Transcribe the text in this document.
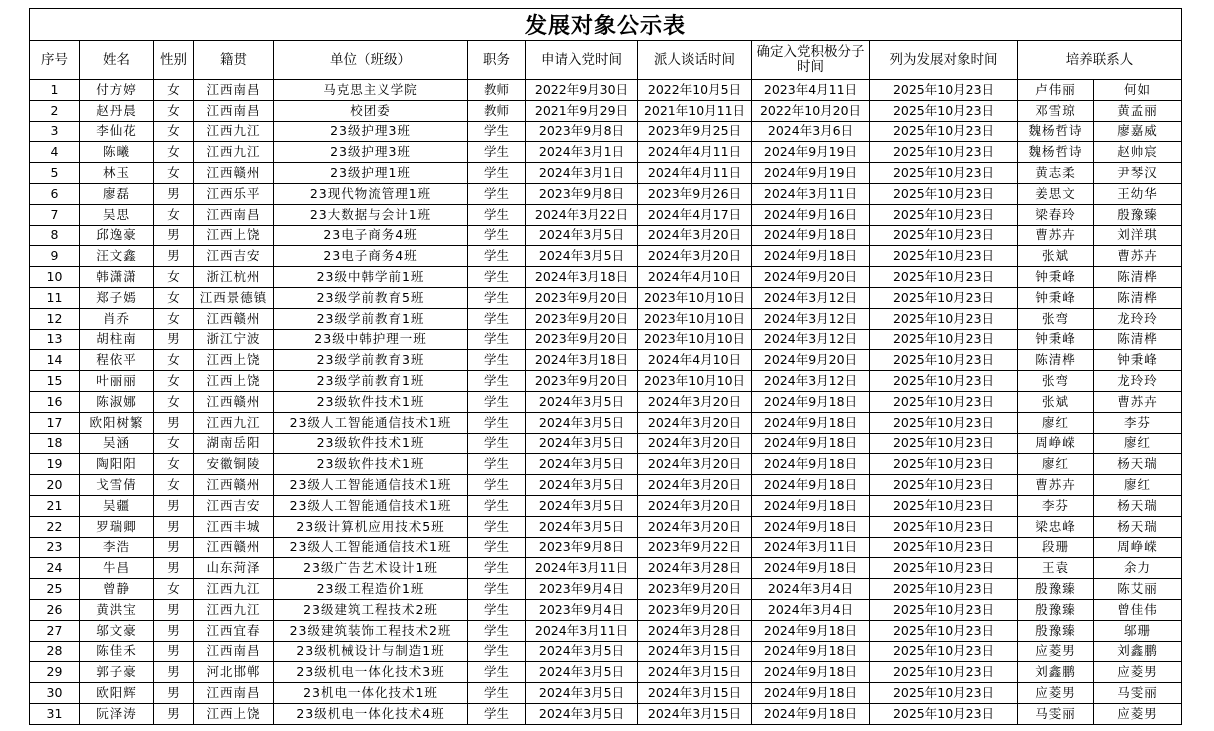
发展对象公示表											
序号	姓名	性别	籍贯	单位（班级）	职务	申请入党时间	派人谈话时间	确定入党积极分子时间	列为发展对象时间	培养联系人	
1	付方婷	女	江西南昌	马克思主义学院	教师	2022年9月30日	2022年10月5日	2023年4月11日	2025年10月23日	卢伟丽	何如
2	赵丹晨	女	江西南昌	校团委	教师	2021年9月29日	2021年10月11日	2022年10月20日	2025年10月23日	邓雪琼	黄孟丽
3	李仙花	女	江西九江	23级护理3班	学生	2023年9月8日	2023年9月25日	2024年3月6日	2025年10月23日	魏杨哲诗	廖嘉威
4	陈曦	女	江西九江	23级护理3班	学生	2024年3月1日	2024年4月11日	2024年9月19日	2025年10月23日	魏杨哲诗	赵帅宸
5	林玉	女	江西赣州	23级护理1班	学生	2024年3月1日	2024年4月11日	2024年9月19日	2025年10月23日	黄志柔	尹琴汉
6	廖磊	男	江西乐平	23现代物流管理1班	学生	2023年9月8日	2023年9月26日	2024年3月11日	2025年10月23日	姜思文	王幼华
7	吴思	女	江西南昌	23大数据与会计1班	学生	2024年3月22日	2024年4月17日	2024年9月16日	2025年10月23日	梁春玲	殷豫臻
8	邱逸豪	男	江西上饶	23电子商务4班	学生	2024年3月5日	2024年3月20日	2024年9月18日	2025年10月23日	曹苏卉	刘洋琪
9	汪文鑫	男	江西吉安	23电子商务4班	学生	2024年3月5日	2024年3月20日	2024年9月18日	2025年10月23日	张斌	曹苏卉
10	韩潇潇	女	浙江杭州	23级中韩学前1班	学生	2024年3月18日	2024年4月10日	2024年9月20日	2025年10月23日	钟秉峰	陈清桦
11	郑子嫣	女	江西景德镇	23级学前教育5班	学生	2023年9月20日	2023年10月10日	2024年3月12日	2025年10月23日	钟秉峰	陈清桦
12	肖乔	女	江西赣州	23级学前教育1班	学生	2023年9月20日	2023年10月10日	2024年3月12日	2025年10月23日	张弯	龙玲玲
13	胡柱南	男	浙江宁波	23级中韩护理一班	学生	2023年9月20日	2023年10月10日	2024年3月12日	2025年10月23日	钟秉峰	陈清桦
14	程依平	女	江西上饶	23级学前教育3班	学生	2024年3月18日	2024年4月10日	2024年9月20日	2025年10月23日	陈清桦	钟秉峰
15	叶丽丽	女	江西上饶	23级学前教育1班	学生	2023年9月20日	2023年10月10日	2024年3月12日	2025年10月23日	张弯	龙玲玲
16	陈淑娜	女	江西赣州	23级软件技术1班	学生	2024年3月5日	2024年3月20日	2024年9月18日	2025年10月23日	张斌	曹苏卉
17	欧阳树繁	男	江西九江	23级人工智能通信技术1班	学生	2024年3月5日	2024年3月20日	2024年9月18日	2025年10月23日	廖红	李芬
18	吴涵	女	湖南岳阳	23级软件技术1班	学生	2024年3月5日	2024年3月20日	2024年9月18日	2025年10月23日	周峥嵘	廖红
19	陶阳阳	女	安徽铜陵	23级软件技术1班	学生	2024年3月5日	2024年3月20日	2024年9月18日	2025年10月23日	廖红	杨天瑞
20	戈雪倩	女	江西赣州	23级人工智能通信技术1班	学生	2024年3月5日	2024年3月20日	2024年9月18日	2025年10月23日	曹苏卉	廖红
21	吴疆	男	江西吉安	23级人工智能通信技术1班	学生	2024年3月5日	2024年3月20日	2024年9月18日	2025年10月23日	李芬	杨天瑞
22	罗瑞卿	男	江西丰城	23级计算机应用技术5班	学生	2024年3月5日	2024年3月20日	2024年9月18日	2025年10月23日	梁忠峰	杨天瑞
23	李浩	男	江西赣州	23级人工智能通信技术1班	学生	2023年9月8日	2023年9月22日	2024年3月11日	2025年10月23日	段珊	周峥嵘
24	牛昌	男	山东菏泽	23级广告艺术设计1班	学生	2024年3月11日	2024年3月28日	2024年9月18日	2025年10月23日	王袁	余力
25	曾静	女	江西九江	23级工程造价1班	学生	2023年9月4日	2023年9月20日	2024年3月4日	2025年10月23日	殷豫臻	陈艾丽
26	黄洪宝	男	江西九江	23级建筑工程技术2班	学生	2023年9月4日	2023年9月20日	2024年3月4日	2025年10月23日	殷豫臻	曾佳伟
27	邬文豪	男	江西宜春	23级建筑装饰工程技术2班	学生	2024年3月11日	2024年3月28日	2024年9月18日	2025年10月23日	殷豫臻	邬珊
28	陈佳禾	男	江西南昌	23级机械设计与制造1班	学生	2024年3月5日	2024年3月15日	2024年9月18日	2025年10月23日	应菱男	刘鑫鹏
29	郭子豪	男	河北邯郸	23级机电一体化技术3班	学生	2024年3月5日	2024年3月15日	2024年9月18日	2025年10月23日	刘鑫鹏	应菱男
30	欧阳辉	男	江西南昌	23机电一体化技术1班	学生	2024年3月5日	2024年3月15日	2024年9月18日	2025年10月23日	应菱男	马雯丽
31	阮泽涛	男	江西上饶	23级机电一体化技术4班	学生	2024年3月5日	2024年3月15日	2024年9月18日	2025年10月23日	马雯丽	应菱男
